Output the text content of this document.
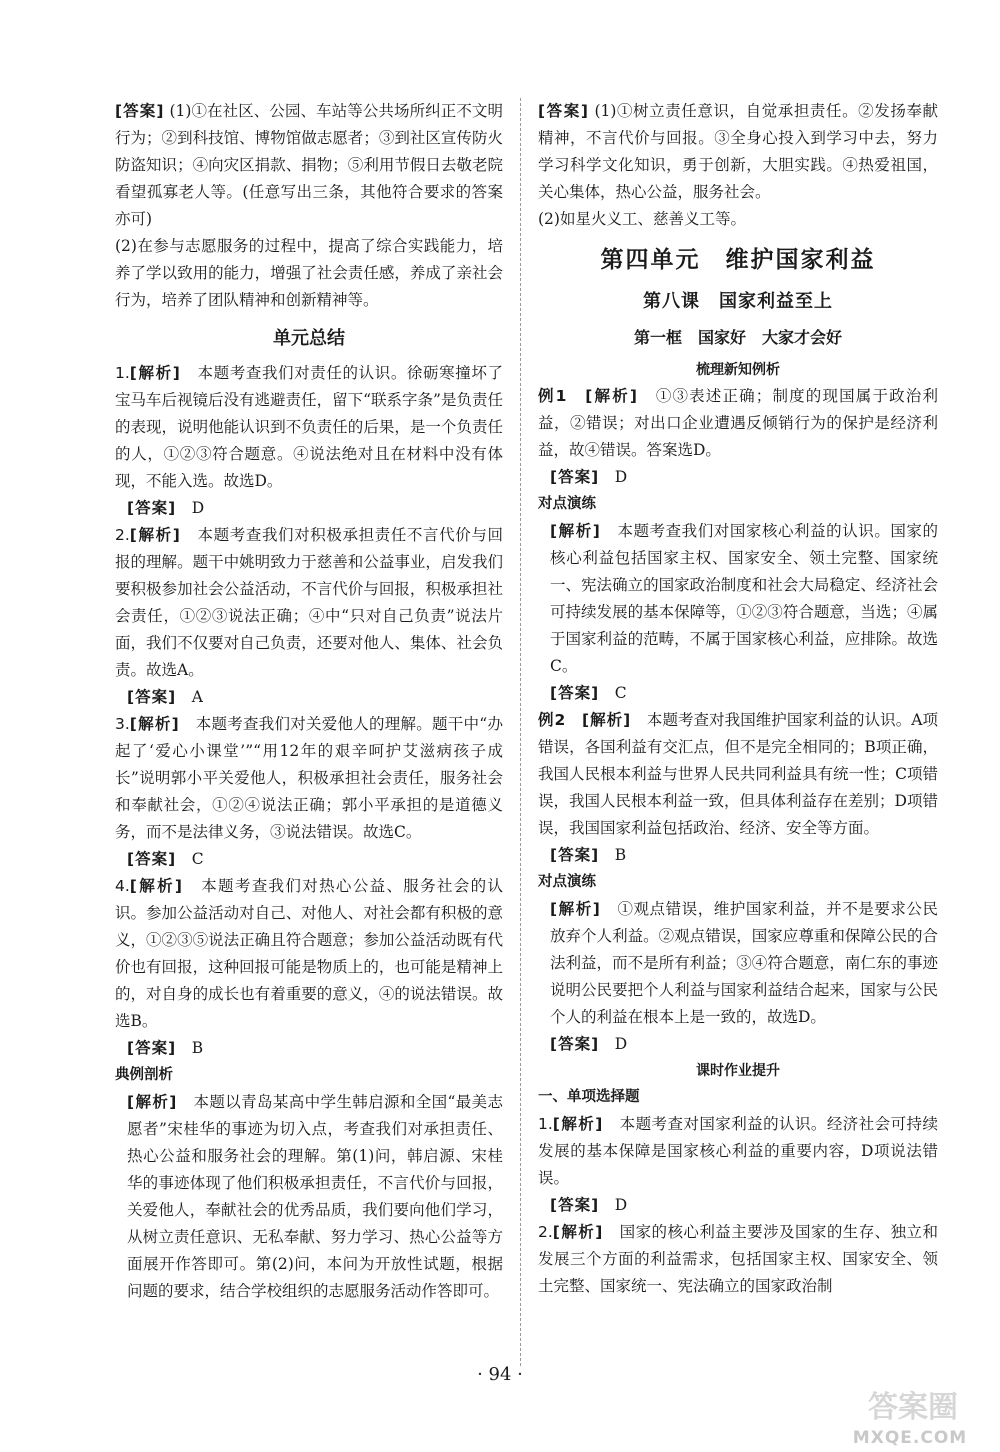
[答案] (1)①在社区、公园、车站等公共场所纠正不文明行为；②到科技馆、博物馆做志愿者；③到社区宣传防火防盗知识；④向灾区捐款、捐物；⑤利用节假日去敬老院看望孤寡老人等。(任意写出三条，其他符合要求的答案亦可)

(2)在参与志愿服务的过程中，提高了综合实践能力，培养了学以致用的能力，增强了社会责任感，养成了亲社会行为，培养了团队精神和创新精神等。

单元总结

1.[解析]　 本题考查我们对责任的认识。徐砺寒撞坏了宝马车后视镜后没有逃避责任，留下“联系字条”是负责任的表现，说明他能认识到不负责任的后果，是一个负责任的人，①②③符合题意。④说法绝对且在材料中没有体现，不能入选。故选D。

[答案]　 D

2.[解析]　 本题考查我们对积极承担责任不言代价与回报的理解。题干中姚明致力于慈善和公益事业，启发我们要积极参加社会公益活动，不言代价与回报，积极承担社会责任，①②③说法正确；④中“只对自己负责”说法片面，我们不仅要对自己负责，还要对他人、集体、社会负责。故选A。

[答案]　 A

3.[解析]　 本题考查我们对关爱他人的理解。题干中“办起了‘爱心小课堂’”“用12年的艰辛呵护艾滋病孩子成长”说明郭小平关爱他人，积极承担社会责任，服务社会和奉献社会，①②④说法正确；郭小平承担的是道德义务，而不是法律义务，③说法错误。故选C。

[答案]　 C

4.[解析]　 本题考查我们对热心公益、服务社会的认识。参加公益活动对自己、对他人、对社会都有积极的意义，①②③⑤说法正确且符合题意；参加公益活动既有代价也有回报，这种回报可能是物质上的，也可能是精神上的，对自身的成长也有着重要的意义，④的说法错误。故选B。

[答案]　 B

典例剖析

[解析]　 本题以青岛某高中学生韩启源和全国“最美志愿者”宋桂华的事迹为切入点，考查我们对承担责任、热心公益和服务社会的理解。第(1)问，韩启源、宋桂华的事迹体现了他们积极承担责任，不言代价与回报，关爱他人，奉献社会的优秀品质，我们要向他们学习，从树立责任意识、无私奉献、努力学习、热心公益等方面展开作答即可。第(2)问，本问为开放性试题，根据问题的要求，结合学校组织的志愿服务活动作答即可。

[答案] (1)①树立责任意识，自觉承担责任。②发扬奉献精神，不言代价与回报。③全身心投入到学习中去，努力学习科学文化知识，勇于创新，大胆实践。④热爱祖国，关心集体，热心公益，服务社会。

(2)如星火义工、慈善义工等。

第四单元　维护国家利益
第八课　国家利益至上
第一框　国家好　大家才会好
梳理新知例析

例1　 [解析]　 ①③表述正确；制度的现国属于政治利益，②错误；对出口企业遭遇反倾销行为的保护是经济利益，故④错误。答案选D。

[答案]　 D

对点演练

[解析]　 本题考查我们对国家核心利益的认识。国家的核心利益包括国家主权、国家安全、领土完整、国家统一、宪法确立的国家政治制度和社会大局稳定、经济社会可持续发展的基本保障等，①②③符合题意，当选；④属于国家利益的范畴，不属于国家核心利益，应排除。故选C。

[答案]　 C

例2　 [解析]　 本题考查对我国维护国家利益的认识。A项错误，各国利益有交汇点，但不是完全相同的；B项正确，我国人民根本利益与世界人民共同利益具有统一性；C项错误，我国人民根本利益一致，但具体利益存在差别；D项错误，我国国家利益包括政治、经济、安全等方面。

[答案]　 B

对点演练

[解析]　 ①观点错误，维护国家利益，并不是要求公民放弃个人利益。②观点错误，国家应尊重和保障公民的合法利益，而不是所有利益；③④符合题意，南仁东的事迹说明公民要把个人利益与国家利益结合起来，国家与公民个人的利益在根本上是一致的，故选D。

[答案]　 D

课时作业提升
一、单项选择题

1.[解析]　 本题考查对国家利益的认识。经济社会可持续发展的基本保障是国家核心利益的重要内容，D项说法错误。

[答案]　 D

2.[解析]　 国家的核心利益主要涉及国家的生存、独立和发展三个方面的利益需求，包括国家主权、国家安全、领土完整、国家统一、宪法确立的国家政治制

· 94 ·
答案圈
MXQE.COM
